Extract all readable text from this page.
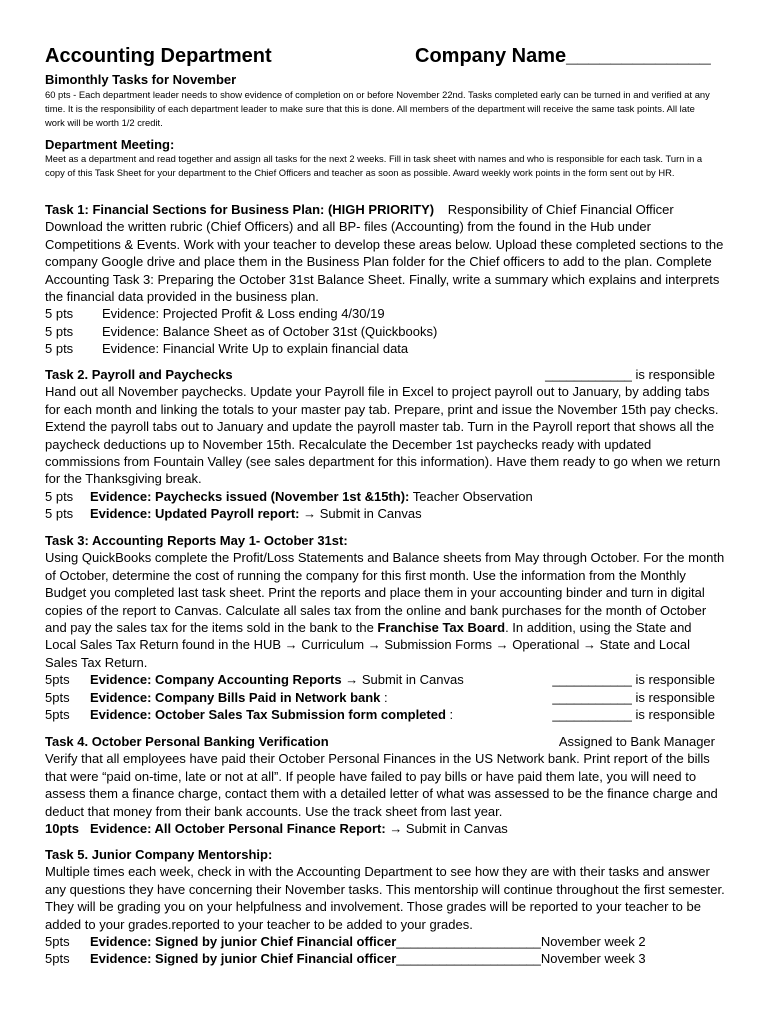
Accounting Department	Company Name_____________
Bimonthly Tasks for November
60 pts - Each department leader needs to show evidence of completion on or before November 22nd. Tasks completed early can be turned in and verified at any time. It is the responsibility of each department leader to make sure that this is done. All members of the department will receive the same task points. All late work will be worth 1/2 credit.
Department Meeting:
Meet as a department and read together and assign all tasks for the next 2 weeks. Fill in task sheet with names and who is responsible for each task. Turn in a copy of this Task Sheet for your department to the Chief Officers and teacher as soon as possible. Award weekly work points in the form sent out by HR.
Task 1: Financial Sections for Business Plan: (HIGH PRIORITY) Responsibility of Chief Financial Officer

Download the written rubric (Chief Officers) and all BP- files (Accounting) from the found in the Hub under Competitions & Events. Work with your teacher to develop these areas below. Upload these completed sections to the company Google drive and place them in the Business Plan folder for the Chief officers to add to the plan. Complete Accounting Task 3: Preparing the October 31st Balance Sheet. Finally, write a summary which explains and interprets the financial data provided in the business plan.

5 pts Evidence: Projected Profit & Loss ending 4/30/19
5 pts Evidence: Balance Sheet as of October 31st (Quickbooks)
5 pts Evidence: Financial Write Up to explain financial data
Task 2. Payroll and Paychecks	____________ is responsible

Hand out all November paychecks. Update your Payroll file in Excel to project payroll out to January, by adding tabs for each month and linking the totals to your master pay tab. Prepare, print and issue the November 15th pay checks. Extend the payroll tabs out to January and update the payroll master tab. Turn in the Payroll report that shows all the paycheck deductions up to November 15th. Recalculate the December 1st paychecks ready with updated commissions from Fountain Valley (see sales department for this information). Have them ready to go when we return for the Thanksgiving break.

5 pts Evidence: Paychecks issued (November 1st &15th): Teacher Observation
5 pts Evidence: Updated Payroll report: → Submit in Canvas
Task 3: Accounting Reports May 1- October 31st:

Using QuickBooks complete the Profit/Loss Statements and Balance sheets from May through October. For the month of October, determine the cost of running the company for this first month. Use the information from the Monthly Budget you completed last task sheet. Print the reports and place them in your accounting binder and turn in digital copies of the report to Canvas. Calculate all sales tax from the online and bank purchases for the month of October and pay the sales tax for the items sold in the bank to the Franchise Tax Board. In addition, using the State and Local Sales Tax Return found in the HUB → Curriculum → Submission Forms → Operational → State and Local Sales Tax Return.

5pts Evidence: Company Accounting Reports → Submit in Canvas	___________ is responsible
5pts Evidence: Company Bills Paid in Network bank :	___________ is responsible
5pts Evidence: October Sales Tax Submission form completed :	___________ is responsible
Task 4. October Personal Banking Verification	Assigned to Bank Manager

Verify that all employees have paid their October Personal Finances in the US Network bank. Print report of the bills that were “paid on-time, late or not at all”. If people have failed to pay bills or have paid them late, you will need to assess them a finance charge, contact them with a detailed letter of what was assessed to be the finance charge and deduct that money from their bank accounts. Use the track sheet from last year.

10pts Evidence: All October Personal Finance Report: → Submit in Canvas
Task 5. Junior Company Mentorship:

Multiple times each week, check in with the Accounting Department to see how they are with their tasks and answer any questions they have concerning their November tasks. This mentorship will continue throughout the first semester. They will be grading you on your helpfulness and involvement. Those grades will be reported to your teacher to be added to your grades.reported to your teacher to be added to your grades.

5pts Evidence: Signed by junior Chief Financial officer____________________November week 2
5pts Evidence: Signed by junior Chief Financial officer____________________November week 3
